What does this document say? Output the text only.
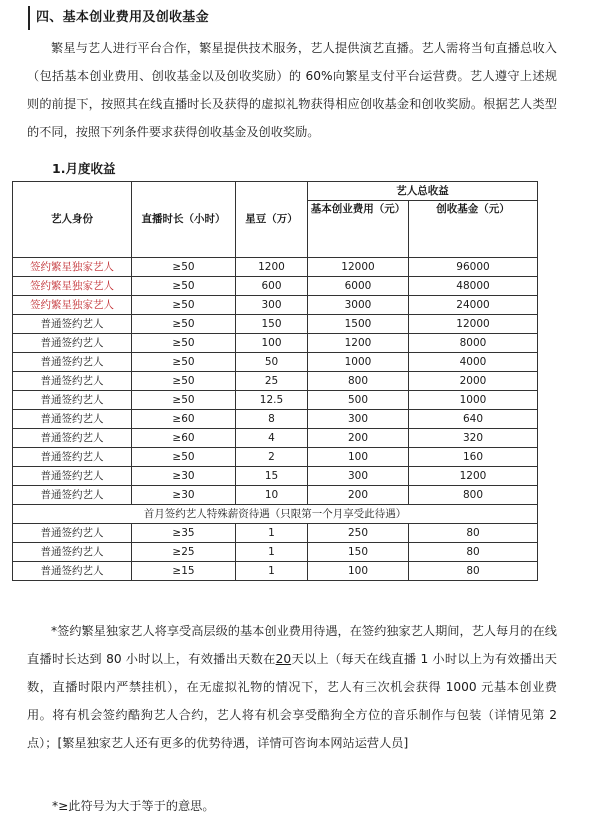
四、基本创业费用及创收基金
繁星与艺人进行平台合作，繁星提供技术服务，艺人提供演艺直播。艺人需将当旬直播总收入（包括基本创业费用、创收基金以及创收奖励）的 60%向繁星支付平台运营费。艺人遵守上述规则的前提下，按照其在线直播时长及获得的虚拟礼物获得相应创收基金和创收奖励。根据艺人类型的不同，按照下列条件要求获得创收基金及创收奖励。
1.月度收益
艺人身份	直播时长（小时）	星豆（万）	艺人总收益	
			基本创业费用（元）	创收基金（元）

签约繁星独家艺人	≥50	1200	12000	96000
签约繁星独家艺人	≥50	600	6000	48000
签约繁星独家艺人	≥50	300	3000	24000
普通签约艺人	≥50	150	1500	12000
普通签约艺人	≥50	100	1200	8000
普通签约艺人	≥50	50	1000	4000
普通签约艺人	≥50	25	800	2000
普通签约艺人	≥50	12.5	500	1000
普通签约艺人	≥60	8	300	640
普通签约艺人	≥60	4	200	320
普通签约艺人	≥50	2	100	160
普通签约艺人	≥30	15	300	1200
普通签约艺人	≥30	10	200	800
首月签约艺人特殊薪资待遇（只限第一个月享受此待遇）				
普通签约艺人	≥35	1	250	80
普通签约艺人	≥25	1	150	80
普通签约艺人	≥15	1	100	80
*签约繁星独家艺人将享受高层级的基本创业费用待遇，在签约独家艺人期间，艺人每月的在线直播时长达到 80 小时以上，有效播出天数在20天以上（每天在线直播 1 小时以上为有效播出天数，直播时限内严禁挂机），在无虚拟礼物的情况下，艺人有三次机会获得 1000 元基本创业费用。将有机会签约酷狗艺人合约，艺人将有机会享受酷狗全方位的音乐制作与包装（详情见第 2 点）；[繁星独家艺人还有更多的优势待遇，详情可咨询本网站运营人员]
*≥此符号为大于等于的意思。
